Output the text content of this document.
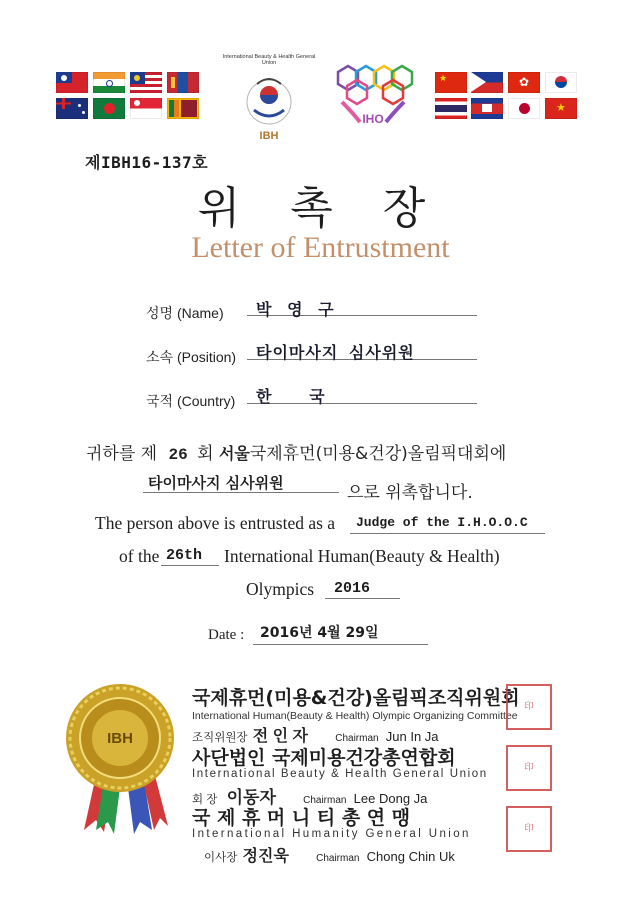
International Beauty & Health General Union
IBH
IHO
★	✿
★
제IBH16-137호
위 촉 장
Letter of Entrustment
성명 (Name) 박 영 구
소속 (Position) 타이마사지 심사위원
국적 (Country) 한 국
귀하를 제 26 회 서울국제휴먼(미용&건강)올림픽대회에
타이마사지 심사위원	으로 위촉합니다.
The person above is entrusted as a Judge of the I.H.O.O.C
of the 26th International Human(Beauty & Health)
Olympics 2016
Date : 2016년 4월 29일
IBH
국제휴먼(미용&건강)올림픽조직위원회
International Human(Beauty & Health) Olympic Organizing Committee
조직위원장 전 인 자	Chairman Jun In Ja
印
사단법인 국제미용건강총연합회
International Beauty & Health General Union
회 장 이동자	Chairman Lee Dong Ja
印
국 제 휴 머 니 티 총 연 맹
International Humanity General Union
이사장 정진욱	Chairman Chong Chin Uk
印
